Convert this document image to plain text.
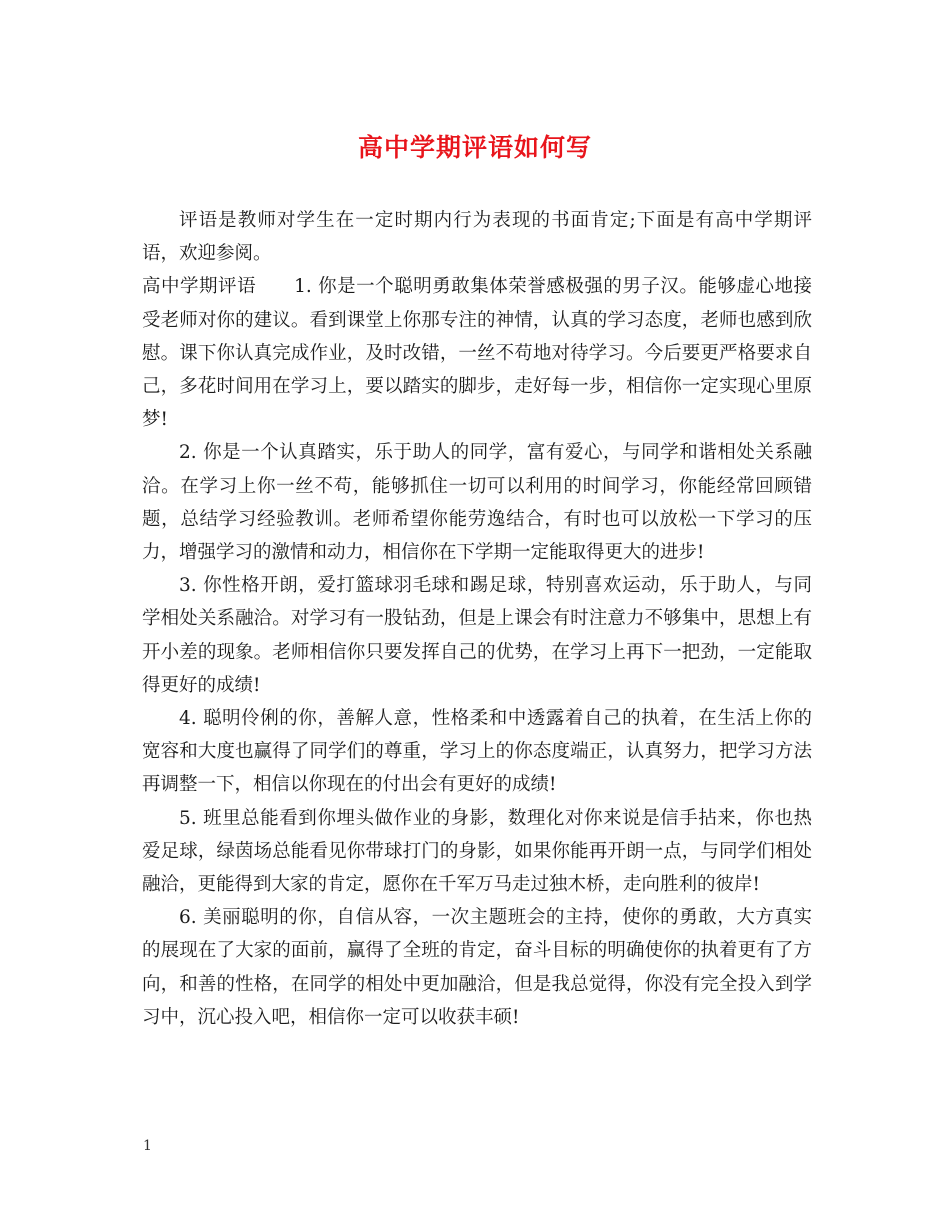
高中学期评语如何写

评语是教师对学生在一定时期内行为表现的书面肯定;下面是有高中学期评语，欢迎参阅。

高中学期评语 1. 你是一个聪明勇敢集体荣誉感极强的男子汉。能够虚心地接受老师对你的建议。看到课堂上你那专注的神情，认真的学习态度，老师也感到欣慰。课下你认真完成作业，及时改错，一丝不苟地对待学习。今后要更严格要求自己，多花时间用在学习上，要以踏实的脚步，走好每一步，相信你一定实现心里原梦!

2. 你是一个认真踏实，乐于助人的同学，富有爱心，与同学和谐相处关系融洽。在学习上你一丝不苟，能够抓住一切可以利用的时间学习，你能经常回顾错题，总结学习经验教训。老师希望你能劳逸结合，有时也可以放松一下学习的压力，增强学习的激情和动力，相信你在下学期一定能取得更大的进步!

3. 你性格开朗，爱打篮球羽毛球和踢足球，特别喜欢运动，乐于助人，与同学相处关系融洽。对学习有一股钻劲，但是上课会有时注意力不够集中，思想上有开小差的现象。老师相信你只要发挥自己的优势，在学习上再下一把劲，一定能取得更好的成绩!

4. 聪明伶俐的你，善解人意，性格柔和中透露着自己的执着，在生活上你的宽容和大度也赢得了同学们的尊重，学习上的你态度端正，认真努力，把学习方法再调整一下，相信以你现在的付出会有更好的成绩!

5. 班里总能看到你埋头做作业的身影，数理化对你来说是信手拈来，你也热爱足球，绿茵场总能看见你带球打门的身影，如果你能再开朗一点，与同学们相处融洽，更能得到大家的肯定，愿你在千军万马走过独木桥，走向胜利的彼岸!

6. 美丽聪明的你，自信从容，一次主题班会的主持，使你的勇敢，大方真实的展现在了大家的面前，赢得了全班的肯定，奋斗目标的明确使你的执着更有了方向，和善的性格，在同学的相处中更加融洽，但是我总觉得，你没有完全投入到学习中，沉心投入吧，相信你一定可以收获丰硕!

1
